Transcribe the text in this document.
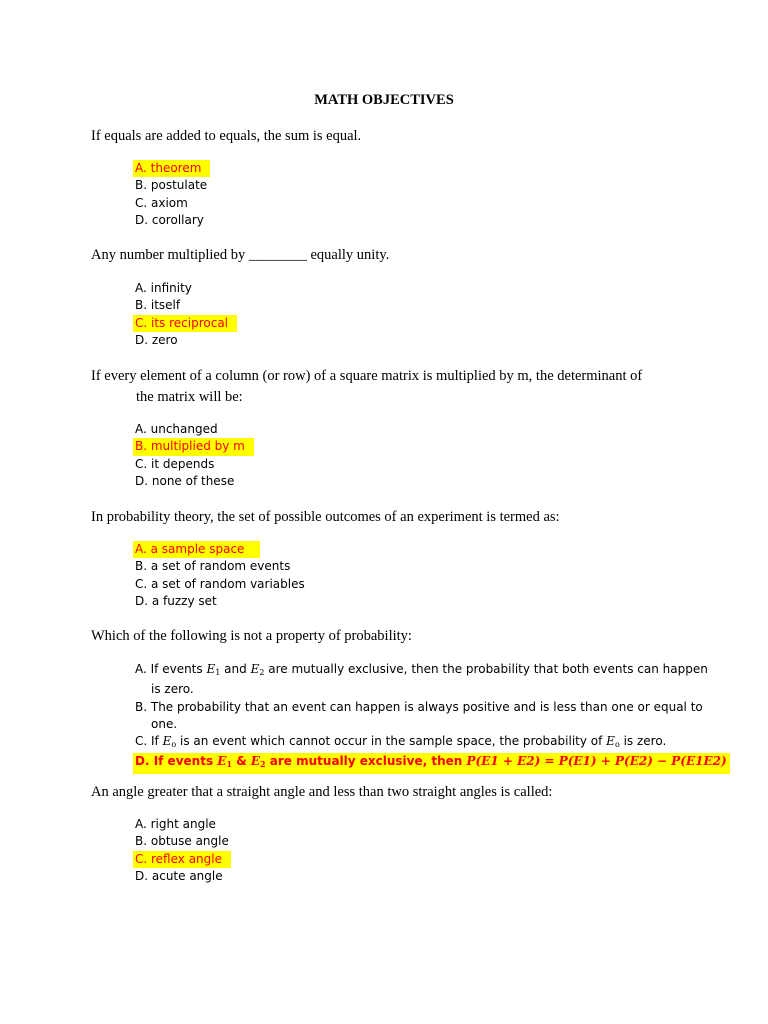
MATH OBJECTIVES
If equals are added to equals, the sum is equal.
A. theorem
B. postulate
C. axiom
D. corollary
Any number multiplied by ________ equally unity.
A. infinity
B. itself
C. its reciprocal
D. zero
If every element of a column (or row) of a square matrix is multiplied by m, the determinant of
the matrix will be:
A. unchanged
B. multiplied by m
C. it depends
D. none of these
In probability theory, the set of possible outcomes of an experiment is termed as:
A. a sample space
B. a set of random events
C. a set of random variables
D. a fuzzy set
Which of the following is not a property of probability:
A. If events $E_1$ and $E_2$ are mutually exclusive, then the probability that both events can happen
is zero.
B. The probability that an event can happen is always positive and is less than one or equal to
one.
C. If $E_o$ is an event which cannot occur in the sample space, the probability of $E_o$ is zero.
D. If events $E_1$ & $E_2$ are mutually exclusive, then P(E1 + E2) = P(E1) + P(E2) − P(E1E2)
An angle greater that a straight angle and less than two straight angles is called:
A. right angle
B. obtuse angle
C. reflex angle
D. acute angle
